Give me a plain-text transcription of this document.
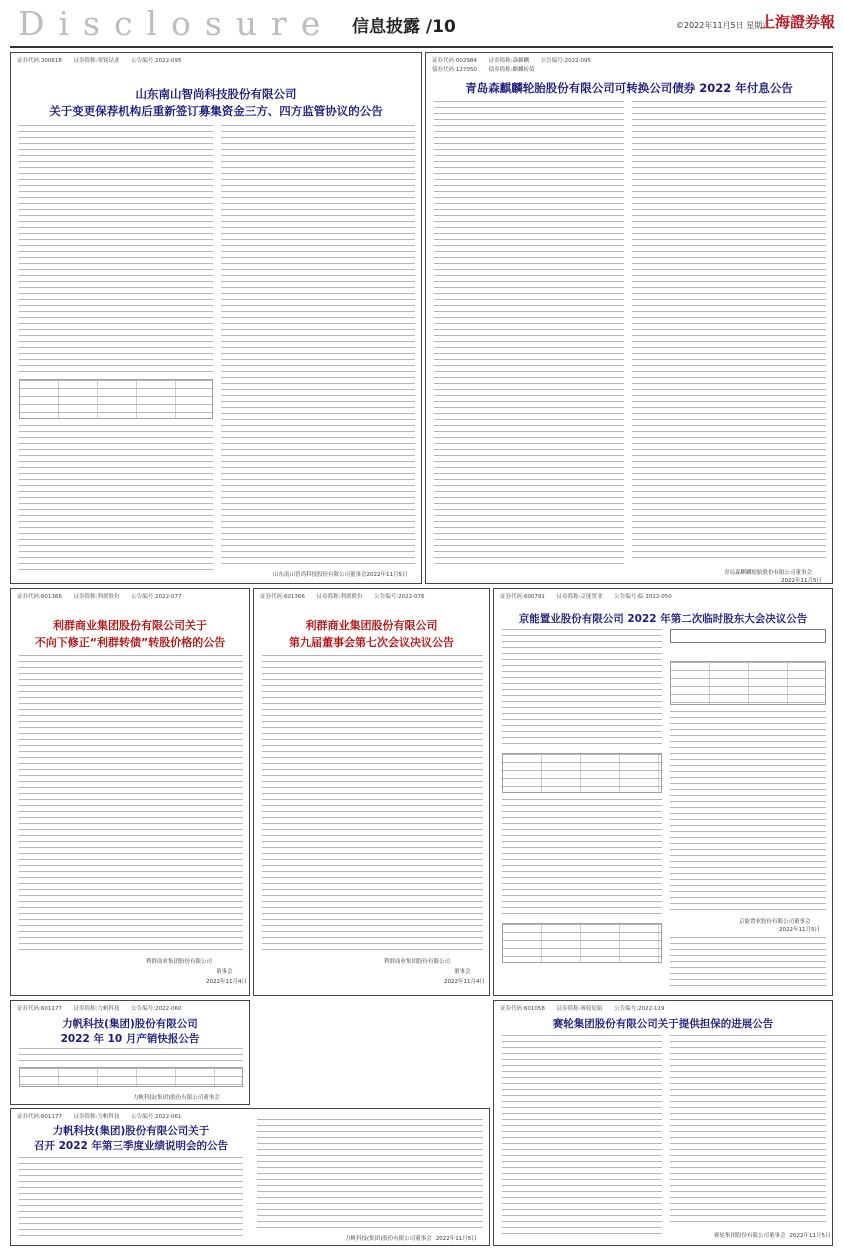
Disclosure 信息披露 /10	©2022年11月5日 星期六
上海證券報
证券代码:300618 证券简称:寒锐钴业 公告编号:2022-095
山东南山智尚科技股份有限公司
关于变更保荐机构后重新签订募集资金三方、四方监管协议的公告
山东南山智尚科技股份有限公司董事会2022年11月5日
证券代码:002984 证券简称:森麒麟 公告编号:2022-095
债券代码:127050 债券简称:麒麟转债
青岛森麒麟轮胎股份有限公司可转换公司债券 2022 年付息公告
青岛森麒麟轮胎股份有限公司董事会
2022年11月5日
证券代码:601366 证券简称:利群股份 公告编号:2022-077
利群商业集团股份有限公司关于
不向下修正“利群转债”转股价格的公告
利群商业集团股份有限公司
董事会
2022年11月4日
证券代码:601366 证券简称:利群股份 公告编号:2022-076
利群商业集团股份有限公司
第九届董事会第七次会议决议公告
利群商业集团股份有限公司
董事会
2022年11月4日
证券代码:600791 证券简称:京能置业 公告编号:临 2022-050
京能置业股份有限公司 2022 年第二次临时股东大会决议公告
京能置业股份有限公司董事会
2022年11月5日
证券代码:601177 证券简称:力帆科技 公告编号:2022-060
力帆科技(集团)股份有限公司
2022 年 10 月产销快报公告
力帆科技(集团)股份有限公司董事会
证券代码:601177 证券简称:力帆科技 公告编号:2022-061
力帆科技(集团)股份有限公司关于
召开 2022 年第三季度业绩说明会的公告
力帆科技(集团)股份有限公司董事会 2022年11月5日
证券代码:601058 证券简称:赛轮轮胎 公告编号:2022-119
赛轮集团股份有限公司关于提供担保的进展公告
赛轮集团股份有限公司董事会 2022年11月5日
